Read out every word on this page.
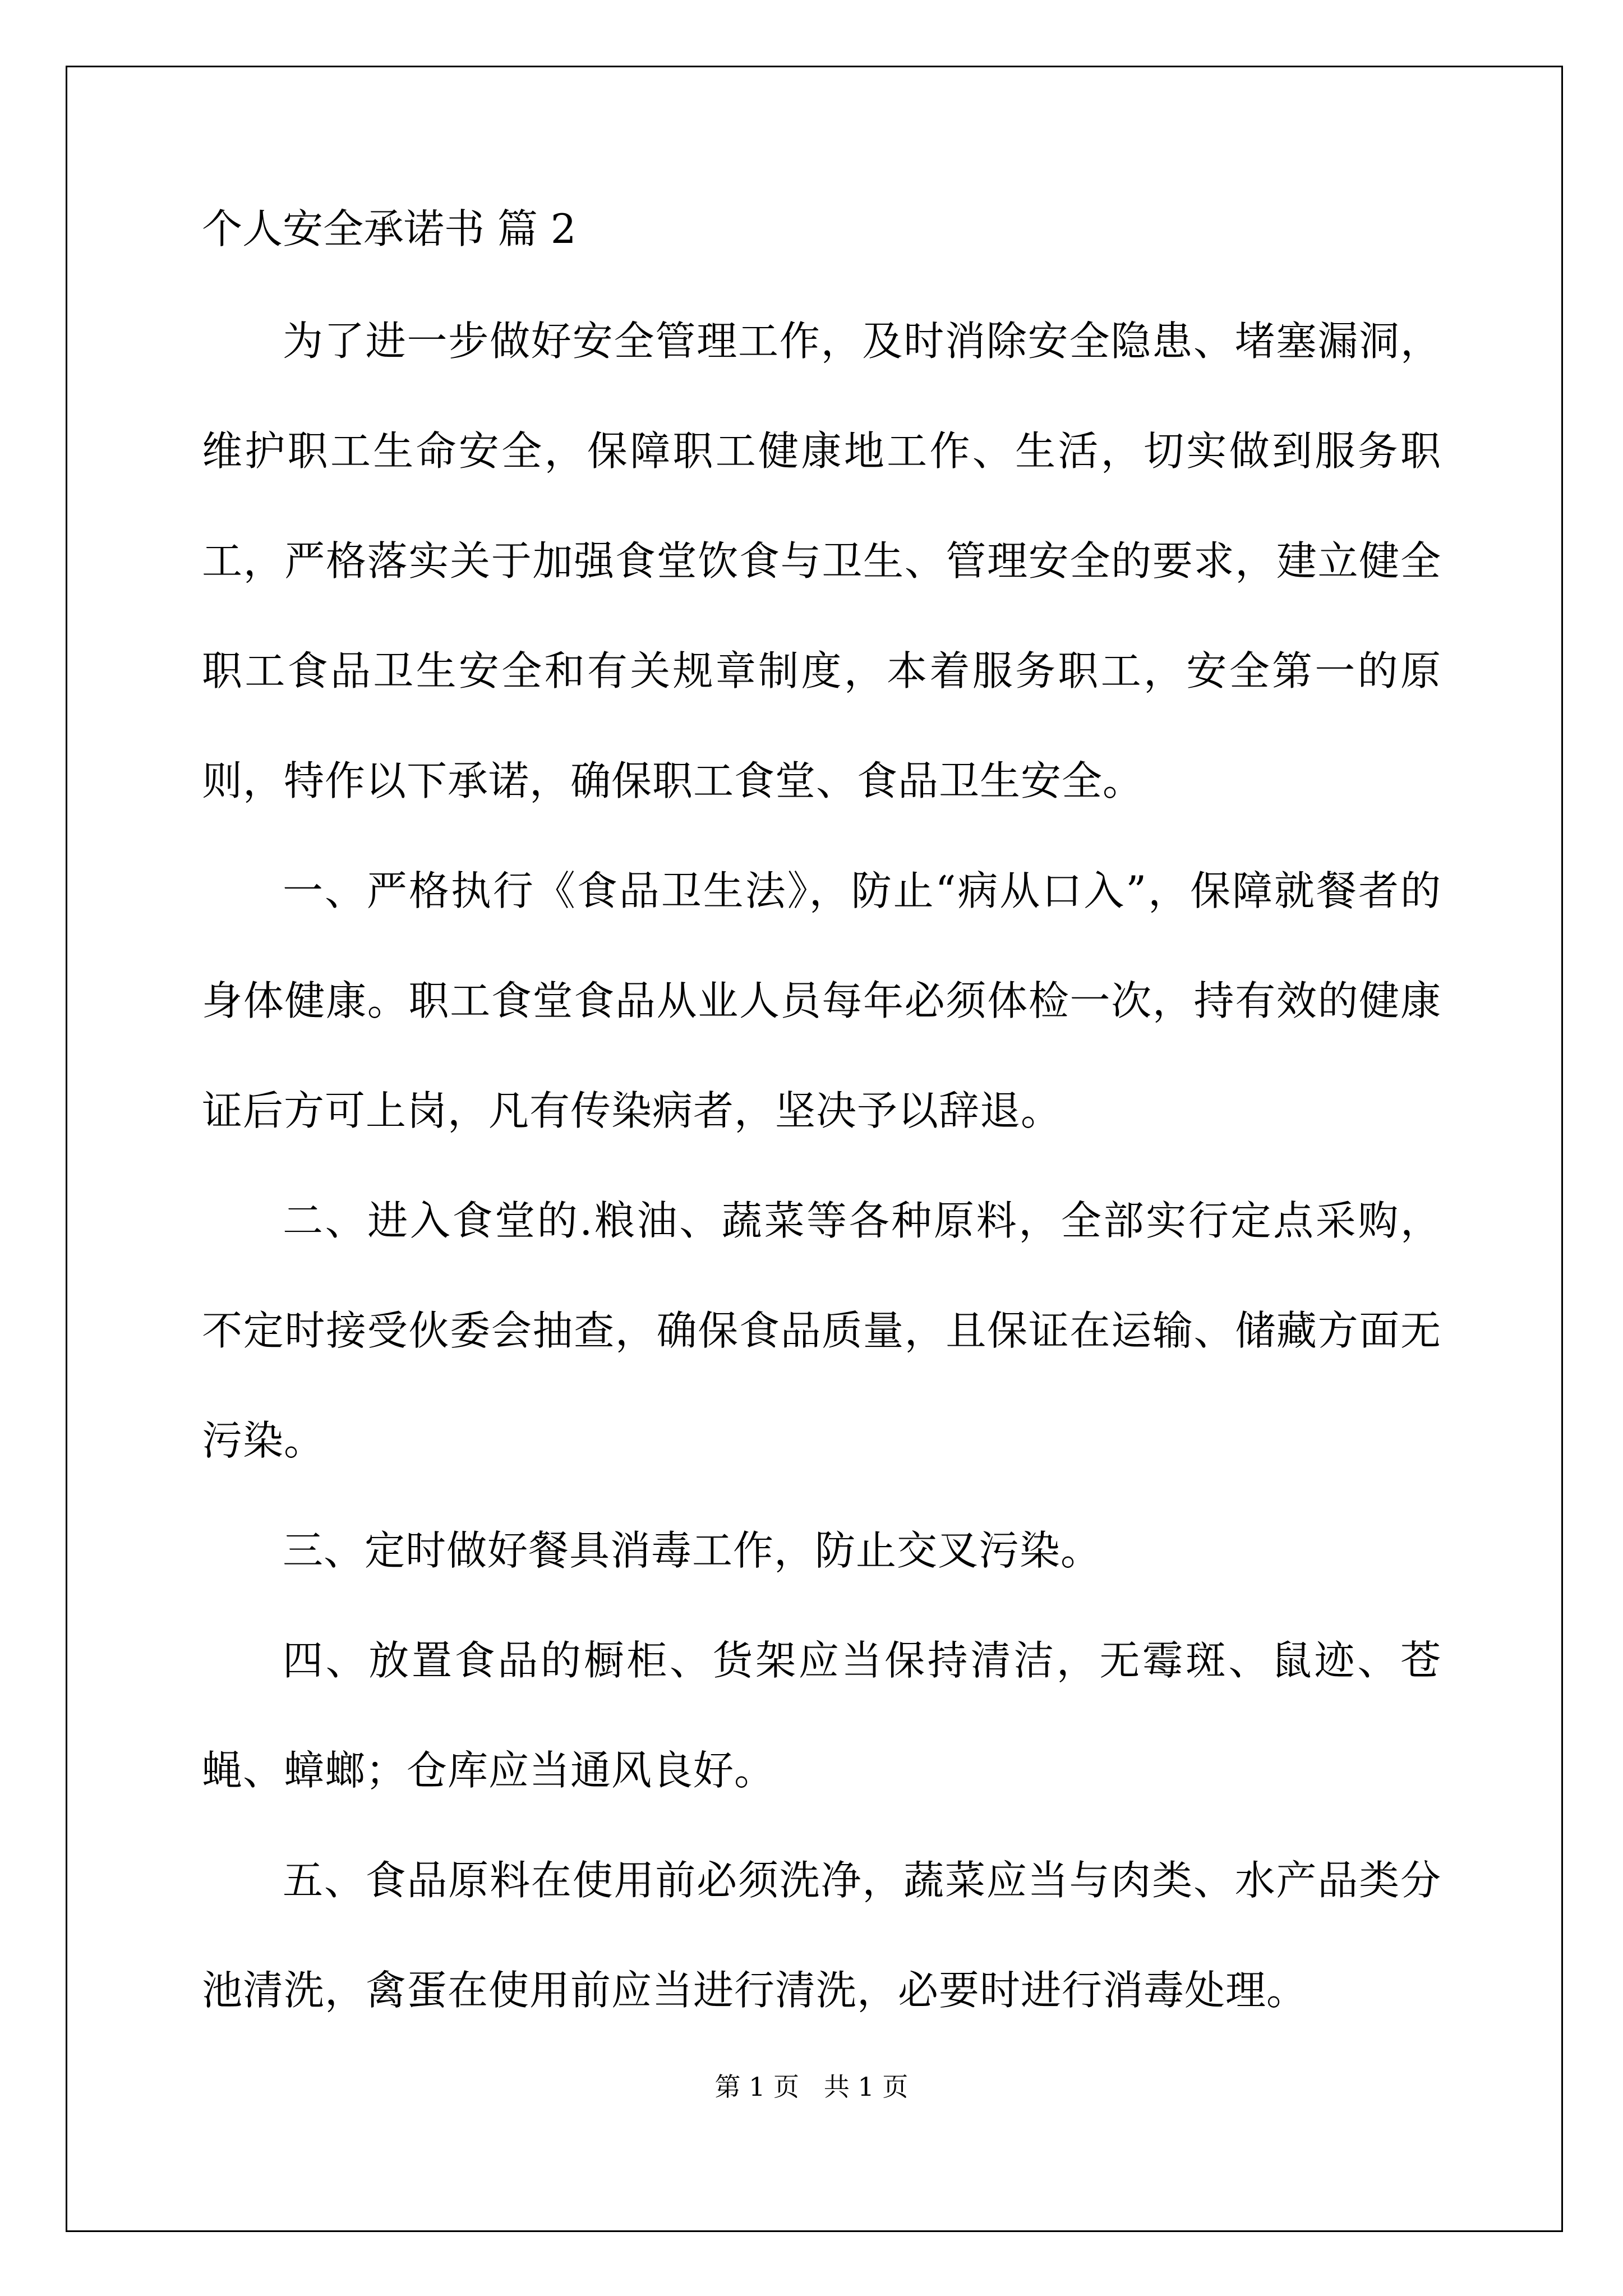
个人安全承诺书 篇 2

为了进一步做好安全管理工作，及时消除安全隐患、堵塞漏洞，维护职工生命安全，保障职工健康地工作、生活，切实做到服务职工，严格落实关于加强食堂饮食与卫生、管理安全的要求，建立健全职工食品卫生安全和有关规章制度，本着服务职工，安全第一的原则，特作以下承诺，确保职工食堂、食品卫生安全。

一、严格执行《食品卫生法》，防止“病从口入”，保障就餐者的身体健康。职工食堂食品从业人员每年必须体检一次，持有效的健康证后方可上岗，凡有传染病者，坚决予以辞退。

二、进入食堂的.粮油、蔬菜等各种原料，全部实行定点采购，不定时接受伙委会抽查，确保食品质量，且保证在运输、储藏方面无污染。

三、定时做好餐具消毒工作，防止交叉污染。

四、放置食品的橱柜、货架应当保持清洁，无霉斑、鼠迹、苍蝇、蟑螂；仓库应当通风良好。

五、食品原料在使用前必须洗净，蔬菜应当与肉类、水产品类分池清洗，禽蛋在使用前应当进行清洗，必要时进行消毒处理。

第 1 页   共 1 页
